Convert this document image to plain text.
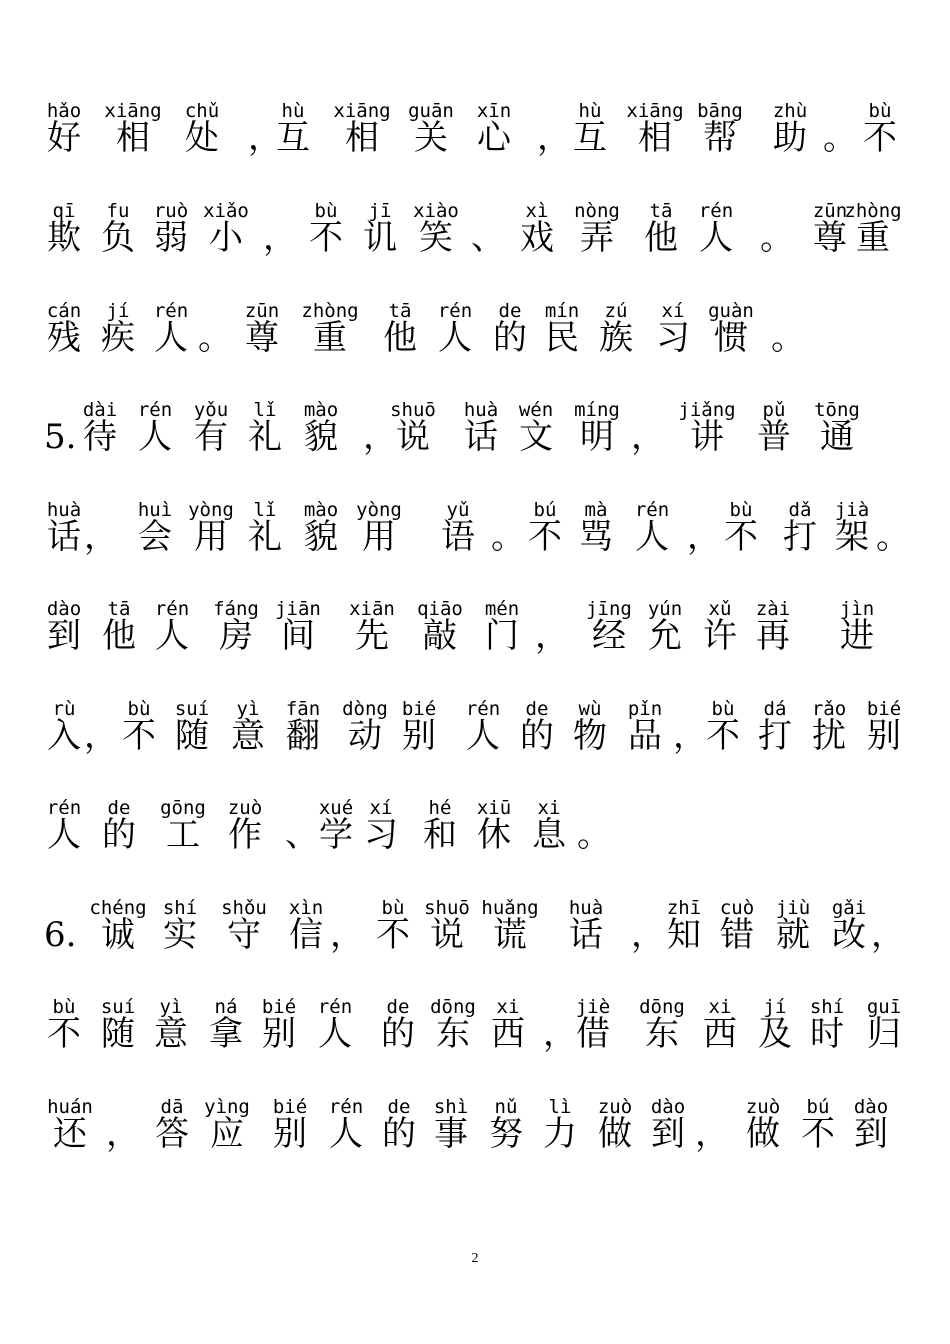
hǎo
好
xiāng
相
chǔ
处 ，
hù
互
xiāng
相
guān
关
xīn
心 ，
hù
互
xiāng
相
bāng
帮
zhù
助 。
bù
不
qī
欺
fu
负
ruò
弱
xiǎo
小 ，
bù
不
jī
讥
xiào
笑 、
xì
戏
nòng
弄
tā
他
rén
人 。
zūn
尊
zhòng
重
cán
残
jí
疾
rén
人 。
zūn
尊
zhòng
重
tā
他
rén
人
de
的
mín
民
zú
族
xí
习
guàn
惯 。
5.
dài
待
rén
人
yǒu
有
lǐ
礼
mào
貌 ，
shuō
说
huà
话
wén
文
míng
明 ，
jiǎng
讲
pǔ
普
tōng
通
huà
话 ，
huì
会
yòng
用
lǐ
礼
mào
貌
yòng
用
yǔ
语 。
bú
不
mà
骂
rén
人 ，
bù
不
dǎ
打
jià
架 。
dào
到
tā
他
rén
人
fáng
房
jiān
间
xiān
先
qiāo
敲
mén
门 ，
jīng
经
yún
允
xǔ
许
zài
再
jìn
进
rù
入 ，
bù
不
suí
随
yì
意
fān
翻
dòng
动
bié
别
rén
人
de
的
wù
物
pǐn
品 ，
bù
不
dá
打
rǎo
扰
bié
别
rén
人
de
的
gōng
工
zuò
作 、
xué
学
xí
习
hé
和
xiū
休
xi
息 。
6.
chéng
诚
shí
实
shǒu
守
xìn
信 ，
bù
不
shuō
说
huǎng
谎
huà
话 ，
zhī
知
cuò
错
jiù
就
gǎi
改 ，
bù
不
suí
随
yì
意
ná
拿
bié
别
rén
人
de
的
dōng
东
xi
西 ，
jiè
借
dōng
东
xi
西
jí
及
shí
时
guī
归
huán
还 ，
dā
答
yìng
应
bié
别
rén
人
de
的
shì
事
nǔ
努
lì
力
zuò
做
dào
到 ，
zuò
做
bú
不
dào
到
2
